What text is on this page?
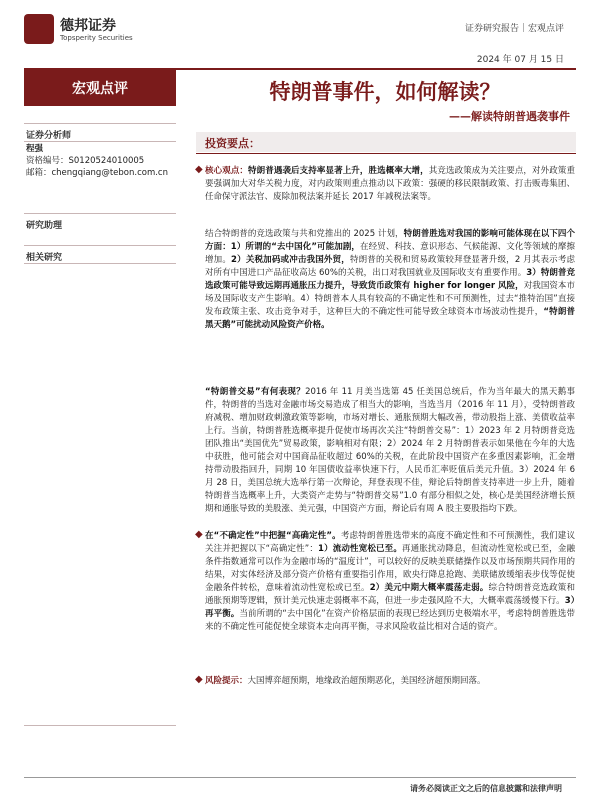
德邦证券
Topsperity Securities
证券研究报告｜宏观点评
2024 年 07 月 15 日
宏观点评	特朗普事件，如何解读？
——解读特朗普遇袭事件
证券分析师
程强
资格编号：S0120524010005
邮箱：chengqiang@tebon.com.cn
研究助理
相关研究
投资要点：
◆ 核心观点：特朗普遇袭后支持率显著上升，胜选概率大增，其竞选政策成为关注要点，对外政策重要强调加大对华关税力度，对内政策则重点推动以下政策：强硬的移民限制政策、打击贩毒集团、任命保守派法官、废除加税法案并延长 2017 年减税法案等。
结合特朗普的竞选政策与共和党推出的 2025 计划，特朗普胜选对我国的影响可能体现在以下四个方面：1）所谓的“去中国化”可能加剧，在经贸、科技、意识形态、气候能源、文化等领域的摩擦增加。2）关税加码或冲击我国外贸，特朗普的关税和贸易政策较拜登显著升级，2 月其表示考虑对所有中国进口产品征收高达 60%的关税，出口对我国就业及国际收支有重要作用。3）特朗普竞选政策可能导致远期再通胀压力提升，导致货币政策有 higher for longer 风险，对我国资本市场及国际收支产生影响。4）特朗普本人具有较高的不确定性和不可预测性，过去“推特治国”直接发布政策主张、攻击竞争对手，这种巨大的不确定性可能导致全球资本市场波动性提升，“特朗普黑天鹅”可能扰动风险资产价格。
“特朗普交易”有何表现？2016 年 11 月美当选第 45 任美国总统后，作为当年最大的黑天鹅事件，特朗普的当选对金融市场交易造成了相当大的影响，当选当月（2016 年 11 月），受特朗普政府减税、增加财政刺激政策等影响，市场对增长、通胀预期大幅改善，带动股指上涨、美债收益率上行。当前，特朗普胜选概率提升促使市场再次关注“特朗普交易”：1）2023 年 2 月特朗普竞选团队推出“美国优先”贸易政策，影响相对有限；2）2024 年 2 月特朗普表示如果他在今年的大选中获胜，他可能会对中国商品征收超过 60%的关税，在此阶段中国资产在多重因素影响，汇金增持带动股指回升，同期 10 年国债收益率快速下行，人民币汇率贬值后美元升值。3）2024 年 6 月 28 日，美国总统大选举行第一次辩论，拜登表现不佳，辩论后特朗普支持率进一步上升，随着特朗普当选概率上升，大类资产走势与“特朗普交易”1.0 有部分相似之处，核心是美国经济增长预期和通胀导致的美股涨、美元强，中国资产方面，辩论后有周 A 股主要股指均下跌。
◆ 在“不确定性”中把握“高确定性”。考虑特朗普胜选带来的高度不确定性和不可预测性，我们建议关注并把握以下“高确定性”：1）流动性宽松已至。再通胀扰动降息，但流动性宽松或已至，金融条件指数通常可以作为金融市场的“温度计”，可以较好的反映美联储操作以及市场预期共同作用的结果，对实体经济及部分资产价格有重要指引作用，欧央行降息抢跑、美联储放缓缩表步伐等促使金融条件转松，意味着流动性宽松或已至。2）美元中期大概率震荡走弱。综合特朗普竞选政策和通胀预期等逻辑，预计美元快速走弱概率不高，但进一步走强风险不大，大概率震荡缓慢下行。3）再平衡。当前所谓的“去中国化”在资产价格层面的表现已经达到历史极端水平，考虑特朗普胜选带来的不确定性可能促使全球资本走向再平衡，寻求风险收益比相对合适的资产。
◆ 风险提示：大国博弈超预期，地缘政治超预期恶化，美国经济超预期回落。
请务必阅读正文之后的信息披露和法律声明
